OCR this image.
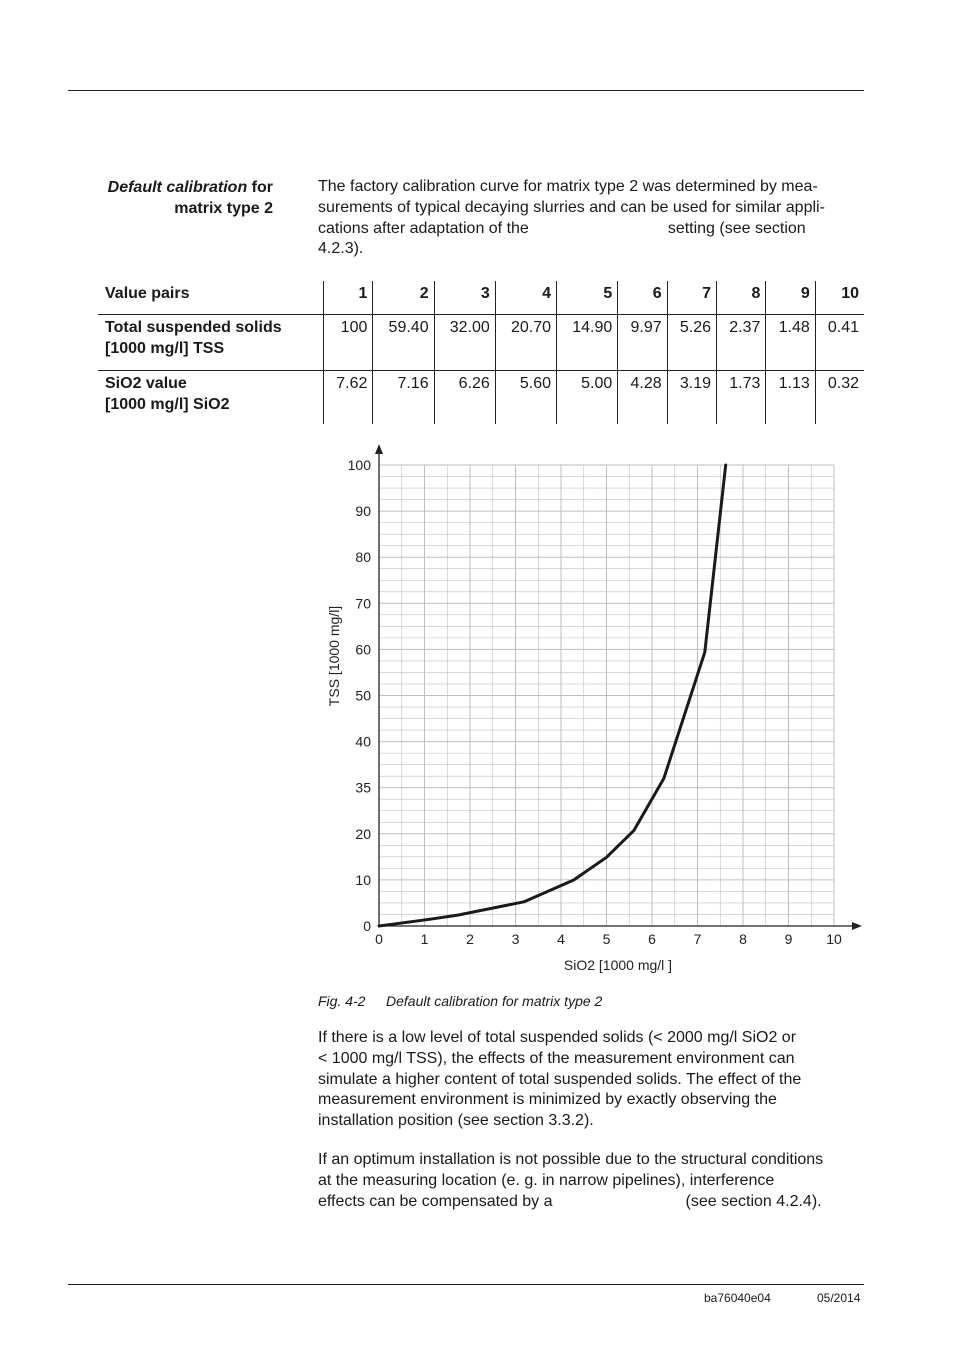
Default calibration for
matrix type 2
The factory calibration curve for matrix type 2 was determined by mea-
surements of typical decaying slurries and can be used for similar appli-
cations after adaptation of the	setting (see section
4.2.3).
Value pairs	1	2	3	4	5	6	7	8	9	10

Total suspended solids
[1000 mg/l] TSS	100	59.40	32.00	20.70	14.90	9.97	5.26	2.37	1.48	0.41

SiO2 value
[1000 mg/l] SiO2	7.62	7.16	6.26	5.60	5.00	4.28	3.19	1.73	1.13	0.32
0	1	2	3	4	5	6	7	8	9 10
0
10
20
35
40
50
60
70
80
90
100
SiO2 [1000 mg/l ]
TSS [1000 mg/l]

Fig. 4-2 Default calibration for matrix type 2

If there is a low level of total suspended solids (< 2000 mg/l SiO2 or
< 1000 mg/l TSS), the effects of the measurement environment can
simulate a higher content of total suspended solids. The effect of the
measurement environment is minimized by exactly observing the
installation position (see section 3.3.2).
If an optimum installation is not possible due to the structural conditions
at the measuring location (e. g. in narrow pipelines), interference
effects can be compensated by a	(see section 4.2.4).

ba76040e04	05/2014
